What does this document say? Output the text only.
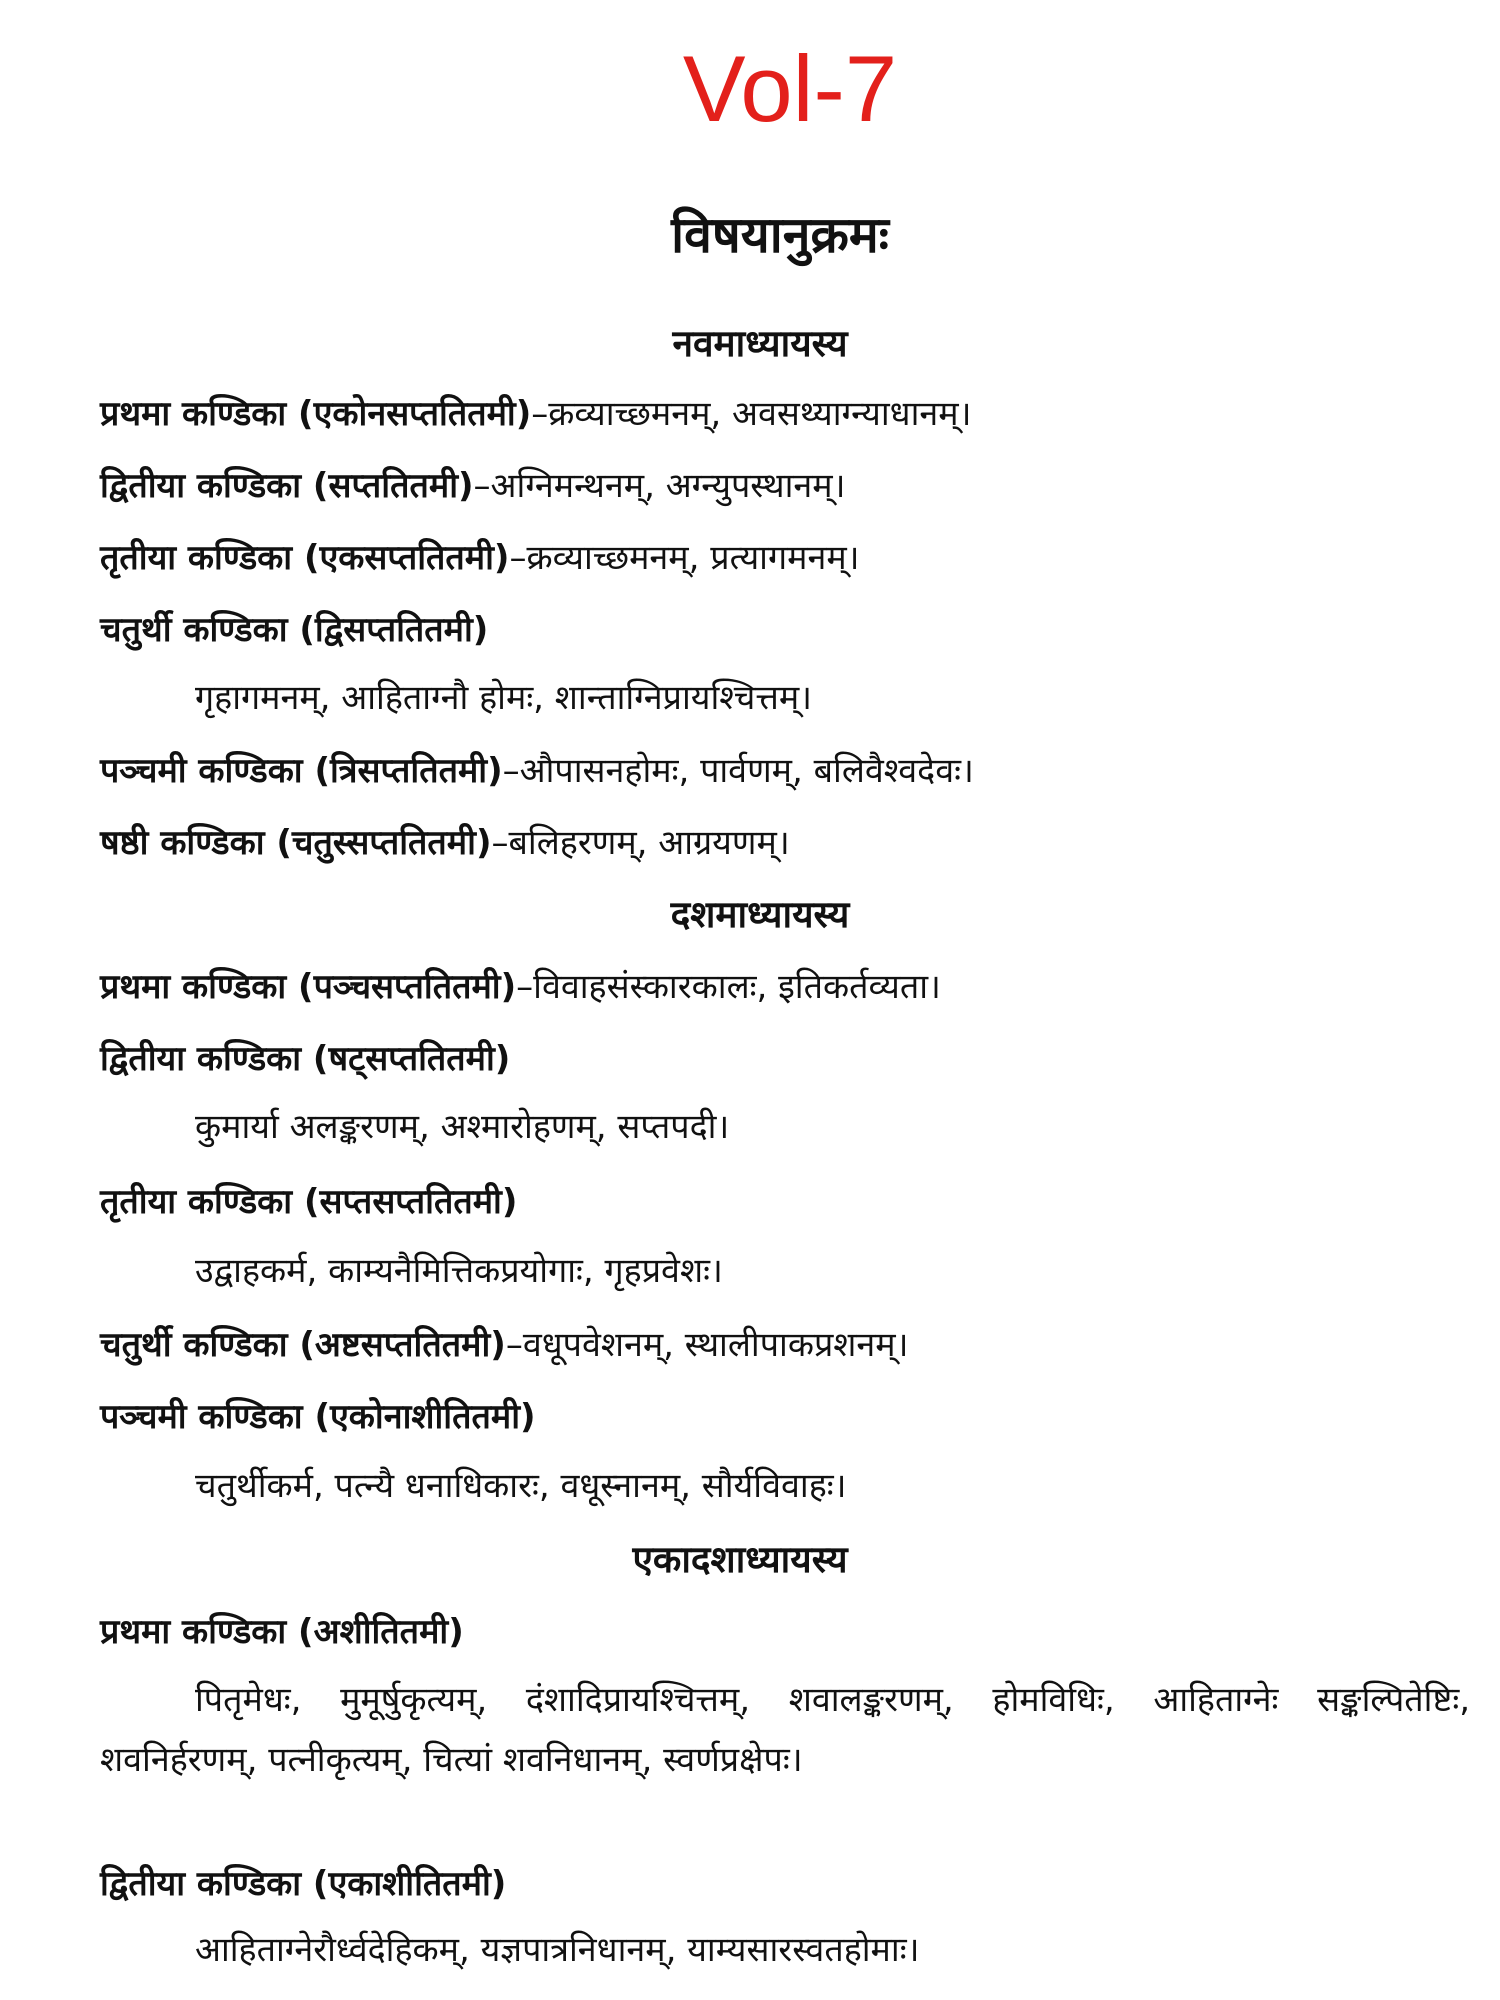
Vol-7
विषयानुक्रमः
नवमाध्यायस्य
प्रथमा कण्डिका (एकोनसप्ततितमी)–क्रव्याच्छमनम्, अवसथ्याग्न्याधानम्।
द्वितीया कण्डिका (सप्ततितमी)–अग्निमन्थनम्, अग्न्युपस्थानम्।
तृतीया कण्डिका (एकसप्ततितमी)–क्रव्याच्छमनम्, प्रत्यागमनम्।
चतुर्थी कण्डिका (द्विसप्ततितमी)
गृहागमनम्, आहिताग्नौ होमः, शान्ताग्निप्रायश्चित्तम्।
पञ्चमी कण्डिका (त्रिसप्ततितमी)–औपासनहोमः, पार्वणम्, बलिवैश्वदेवः।
षष्ठी कण्डिका (चतुस्सप्ततितमी)–बलिहरणम्, आग्रयणम्।
दशमाध्यायस्य
प्रथमा कण्डिका (पञ्चसप्ततितमी)–विवाहसंस्कारकालः, इतिकर्तव्यता।
द्वितीया कण्डिका (षट्सप्ततितमी)
कुमार्या अलङ्करणम्, अश्मारोहणम्, सप्तपदी।
तृतीया कण्डिका (सप्तसप्ततितमी)
उद्वाहकर्म, काम्यनैमित्तिकप्रयोगाः, गृहप्रवेशः।
चतुर्थी कण्डिका (अष्टसप्ततितमी)–वधूपवेशनम्, स्थालीपाकप्रशनम्।
पञ्चमी कण्डिका (एकोनाशीतितमी)
चतुर्थीकर्म, पत्न्यै धनाधिकारः, वधूस्नानम्, सौर्यविवाहः।
एकादशाध्यायस्य
प्रथमा कण्डिका (अशीतितमी)
पितृमेधः, मुमूर्षुकृत्यम्, दंशादिप्रायश्चित्तम्, शवालङ्करणम्, होमविधिः, आहिताग्नेः सङ्कल्पितेष्टिः, शवनिर्हरणम्, पत्नीकृत्यम्, चित्यां शवनिधानम्, स्वर्णप्रक्षेपः।
द्वितीया कण्डिका (एकाशीतितमी)
आहिताग्नेरौर्ध्वदेहिकम्, यज्ञपात्रनिधानम्, याम्यसारस्वतहोमाः।
